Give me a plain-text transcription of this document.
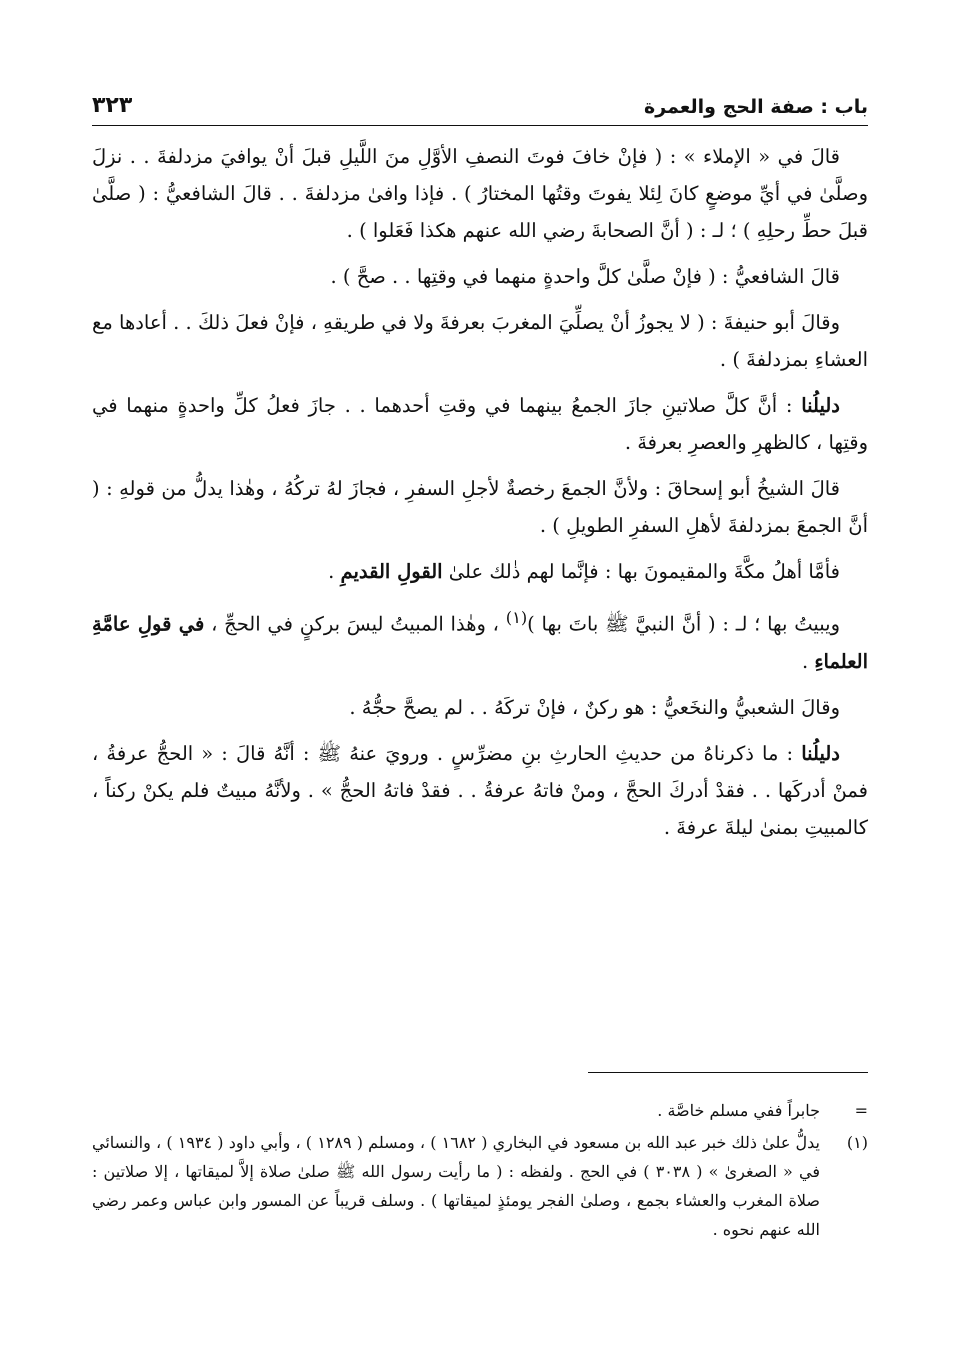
باب : صفة الحج والعمرة
٣٢٣

قالَ في « الإملاء » : ( فإنْ خافَ فوتَ النصفِ الأوَّلِ منَ اللَّيلِ قبلَ أنْ يوافيَ مزدلفةَ . . نزلَ وصلَّىٰ في أيِّ موضعٍ كانَ لِئلا يفوتَ وقتُها المختارُ ) . فإذا وافىٰ مزدلفةَ . . قالَ الشافعيُّ : ( صلَّىٰ قبلَ حطِّ رحلِهِ ) ؛ لـ : ( أنَّ الصحابةَ رضي الله عنهم هكذا فَعَلوا ) .

قالَ الشافعيُّ : ( فإنْ صلَّىٰ كلَّ واحدةٍ منهما في وقتِها . . صحَّ ) .

وقالَ أبو حنيفةَ : ( لا يجوزُ أنْ يصلِّيَ المغربَ بعرفةَ ولا في طريقهِ ، فإنْ فعلَ ذلكَ . . أعادها مع العشاءِ بمزدلفةَ ) .

دليلُنا : أنَّ كلَّ صلاتينِ جازَ الجمعُ بينهما في وقتِ أحدهما . . جازَ فعلُ كلِّ واحدةٍ منهما في وقتِها ، كالظهرِ والعصرِ بعرفةَ .

قالَ الشيخُ أبو إسحاقَ : ولأنَّ الجمعَ رخصةٌ لأجلِ السفرِ ، فجازَ لهُ تركُهُ ، وهٰذا يدلُّ من قولهِ : ( أنَّ الجمعَ بمزدلفةَ لأهلِ السفرِ الطويلِ ) .

فأمَّا أهلُ مكَّةَ والمقيمونَ بها : فإنَّما لهم ذٰلك علىٰ القولِ القديمِ .

ويبيتُ بها ؛ لـ : ( أنَّ النبيَّ ﷺ باتَ بها )$^{(١)}$ ، وهٰذا المبيتُ ليسَ بركنٍ في الحجِّ ، في قولِ عامَّةِ العلماءِ .

وقالَ الشعبيُّ والنخَعيُّ : هو ركنٌ ، فإنْ تركَهُ . . لم يصحَّ حجُّهُ .

دليلُنا : ما ذكرناهُ من حديثِ الحارثِ بنِ مضرِّسٍ . ورويَ عنهُ ﷺ : أنَّهُ قالَ : « الحجُّ عرفةُ ، فمنْ أدركَها . . فقدْ أدركَ الحجَّ ، ومنْ فاتهُ عرفةُ . . فقدْ فاتهُ الحجُّ » . ولأنَّهُ مبيتٌ فلم يكنْ ركناً ، كالمبيتِ بمنىٰ ليلةَ عرفةَ .

=
جابراً ففي مسلم خاصَّة .
(١)
يدلُّ علىٰ ذلك خبر عبد الله بن مسعود في البخاري ( ١٦٨٢ ) ، ومسلم ( ١٢٨٩ ) ، وأبي داود ( ١٩٣٤ ) ، والنسائي في « الصغرىٰ » ( ٣٠٣٨ ) في الحج . ولفظه : ( ما رأيت رسول الله ﷺ صلىٰ صلاة إلاَّ لميقاتها ، إلا صلاتين : صلاة المغرب والعشاء بجمع ، وصلىٰ الفجر يومئذٍ لميقاتها ) . وسلف قريباً عن المسور وابن عباس وعمر رضي الله عنهم نحوه .
